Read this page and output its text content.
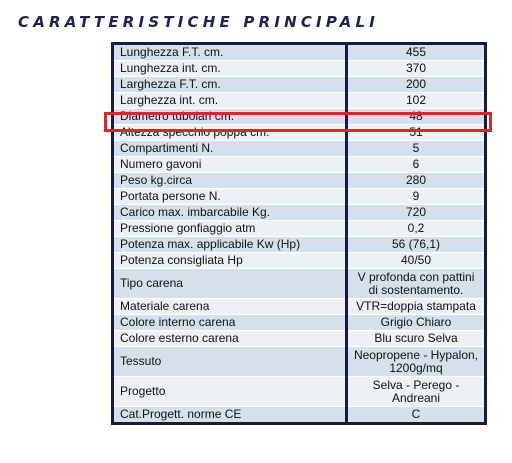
CARATTERISTICHE PRINCIPALI
Lunghezza F.T. cm.	455
Lunghezza int. cm.	370
Larghezza F.T. cm.	200
Larghezza int. cm.	102
Diametro tubolari cm.	48
Altezza specchio poppa cm.	51
Compartimenti N.	5
Numero gavoni	6
Peso kg.circa	280
Portata persone N.	9
Carico max. imbarcabile Kg.	720
Pressione gonfiaggio atm	0,2
Potenza max. applicabile Kw (Hp)	56 (76,1)
Potenza consigliata Hp	40/50
Tipo carena	V profonda con pattini di sostentamento.
Materiale carena	VTR=doppia stampata
Colore interno carena	Grigio Chiaro
Colore esterno carena	Blu scuro Selva
Tessuto	Neopropene - Hypalon, 1200g/mq
Progetto	Selva - Perego - Andreani
Cat.Progett. norme CE	C
